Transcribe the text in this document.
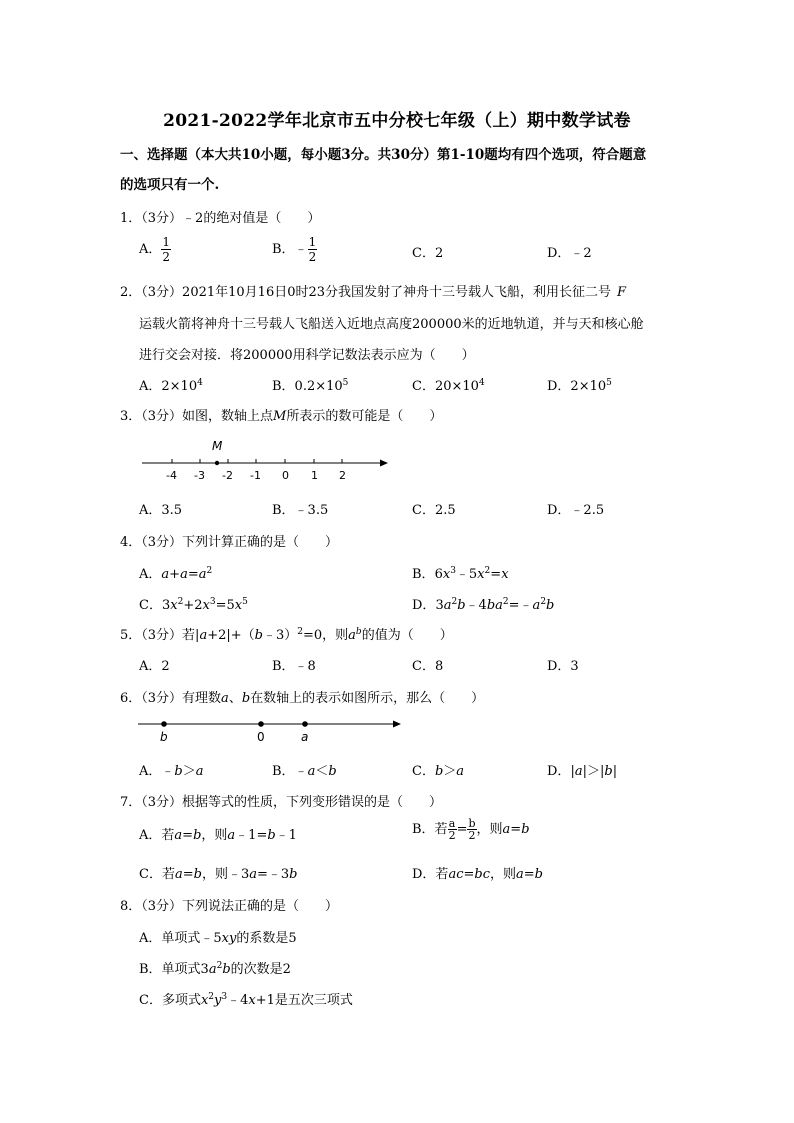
2021-2022学年北京市五中分校七年级（上）期中数学试卷
一、选择题（本大共10小题，每小题3分。共30分）第1-10题均有四个选项，符合题意
的选项只有一个.
1．（3分）﹣2的绝对值是（　　）
A． $\frac{1}{2}$	B．﹣ $\frac{1}{2}$	C．2	D．﹣2
2．（3分）2021年10月16日0时23分我国发射了神舟十三号载人飞船，利用长征二号 F
运载火箭将神舟十三号载人飞船送入近地点高度200000米的近地轨道，并与天和核心舱
进行交会对接．将200000用科学记数法表示应为（　　）
A．$2\times 10^4$	B．$0.2\times 10^5$	C．$20\times 10^4$	D．$2\times 10^5$
3．（3分）如图，数轴上点M所表示的数可能是（　　）
M
-4 -3 -2 -1 0 1 2
A．3.5	B．﹣3.5	C．2.5	D．﹣2.5
4．（3分）下列计算正确的是（　　）
A．$a+a=a^2$	B．$6x^3﹣5x^2=x$
C．$3x^2+2x^3=5x^5$	D．$3a^2b﹣4ba^2=﹣a^2b$
5．（3分）若|a+2|+（b﹣3）$^2$=0，则$a^b$的值为（　　）
A．2	B．﹣8	C．8	D．3
6．（3分）有理数a、b在数轴上的表示如图所示，那么（　　）
b	0	a
A．﹣b＞a	B．﹣a＜b	C．b＞a	D．|a|＞|b|
7．（3分）根据等式的性质，下列变形错误的是（　　）
A．若a=b，则a﹣1=b﹣1	B．若 $\frac{a}{2} = \frac{b}{2}$ ，则a=b
C．若a=b，则﹣3a=﹣3b	D．若ac=bc，则a=b
8．（3分）下列说法正确的是（　　）
A．单项式﹣5xy的系数是5
B．单项式$3a^2b$的次数是2
C．多项式$x^2y^3﹣4x+1$是五次三项式
